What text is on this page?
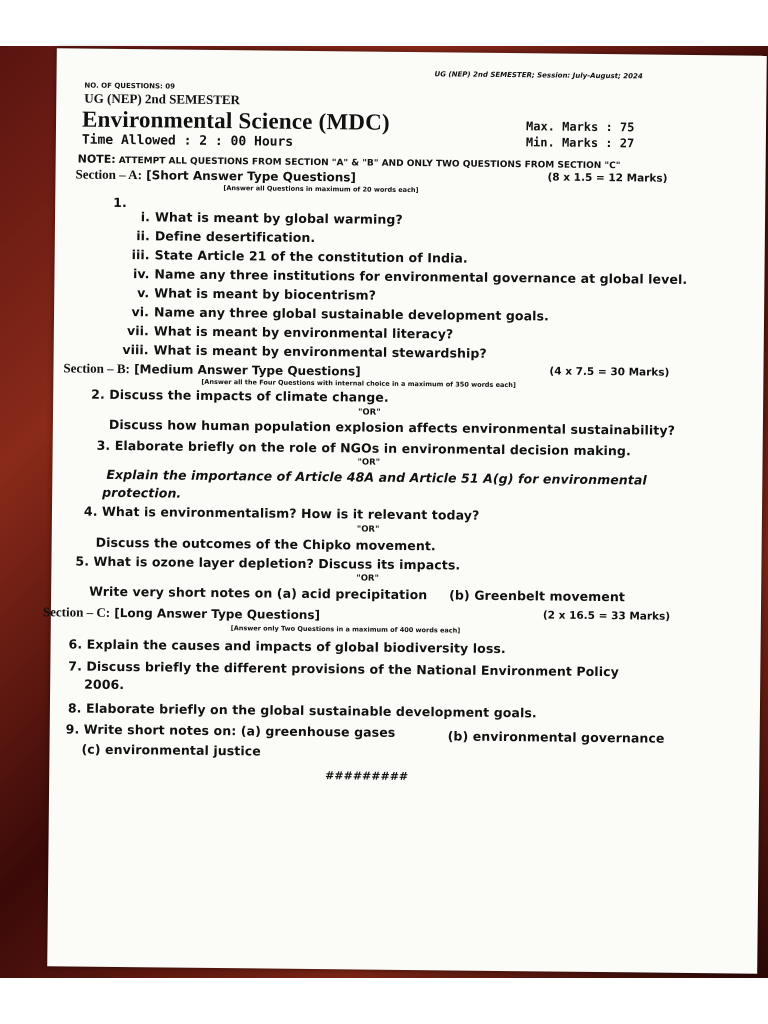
UG (NEP) 2nd SEMESTER; Session: July-August; 2024
NO. OF QUESTIONS: 09
UG (NEP) 2nd SEMESTER
Environmental Science (MDC)	Max. Marks : 75
Min. Marks : 27
Time Allowed : 2 : 00 Hours
NOTE: ATTEMPT ALL QUESTIONS FROM SECTION "A" & "B" AND ONLY TWO QUESTIONS FROM SECTION "C"
Section – A: [Short Answer Type Questions]	(8 x 1.5 = 12 Marks)
[Answer all Questions in maximum of 20 words each]
1.
i. What is meant by global warming?
ii. Define desertification.
iii. State Article 21 of the constitution of India.
iv. Name any three institutions for environmental governance at global level.
v. What is meant by biocentrism?
vi. Name any three global sustainable development goals.
vii. What is meant by environmental literacy?
viii. What is meant by environmental stewardship?
Section – B: [Medium Answer Type Questions]	(4 x 7.5 = 30 Marks)
[Answer all the Four Questions with internal choice in a maximum of 350 words each]
2. Discuss the impacts of climate change.
"OR"
Discuss how human population explosion affects environmental sustainability?
3. Elaborate briefly on the role of NGOs in environmental decision making.
"OR"
Explain the importance of Article 48A and Article 51 A(g) for environmental
protection.
4. What is environmentalism? How is it relevant today?
"OR"
Discuss the outcomes of the Chipko movement.
5. What is ozone layer depletion? Discuss its impacts.
"OR"
Write very short notes on (a) acid precipitation (b) Greenbelt movement
Section – C: [Long Answer Type Questions]	(2 x 16.5 = 33 Marks)
[Answer only Two Questions in a maximum of 400 words each]
6. Explain the causes and impacts of global biodiversity loss.
7. Discuss briefly the different provisions of the National Environment Policy
2006.
8. Elaborate briefly on the global sustainable development goals.
9. Write short notes on: (a) greenhouse gases	(b) environmental governance
(c) environmental justice
#########
